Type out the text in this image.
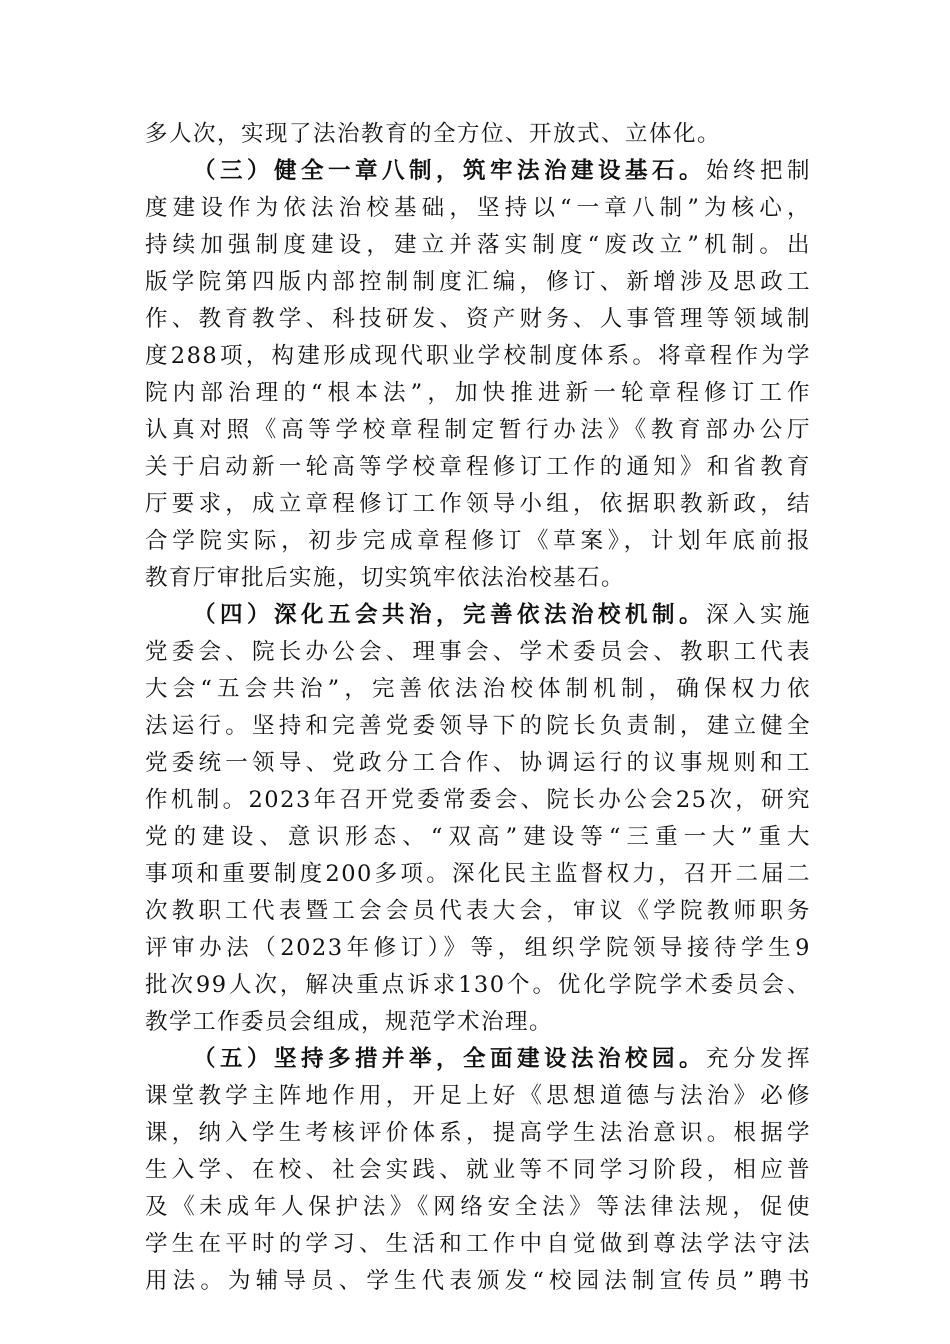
多人次，实现了法治教育的全方位、开放式、立体化。
（三）健全一章八制，筑牢法治建设基石。始终把制
度建设作为依法治校基础，坚持以“一章八制”为核心，
持续加强制度建设，建立并落实制度“废改立”机制。出
版学院第四版内部控制制度汇编，修订、新增涉及思政工
作、教育教学、科技研发、资产财务、人事管理等领域制
度288项，构建形成现代职业学校制度体系。将章程作为学
院内部治理的“根本法”，加快推进新一轮章程修订工作
认真对照《高等学校章程制定暂行办法》《教育部办公厅
关于启动新一轮高等学校章程修订工作的通知》和省教育
厅要求，成立章程修订工作领导小组，依据职教新政，结
合学院实际，初步完成章程修订《草案》，计划年底前报
教育厅审批后实施，切实筑牢依法治校基石。
（四）深化五会共治，完善依法治校机制。深入实施
党委会、院长办公会、理事会、学术委员会、教职工代表
大会“五会共治”，完善依法治校体制机制，确保权力依
法运行。坚持和完善党委领导下的院长负责制，建立健全
党委统一领导、党政分工合作、协调运行的议事规则和工
作机制。2023年召开党委常委会、院长办公会25次，研究
党的建设、意识形态、“双高”建设等“三重一大”重大
事项和重要制度200多项。深化民主监督权力，召开二届二
次教职工代表暨工会会员代表大会，审议《学院教师职务
评审办法（2023年修订）》等，组织学院领导接待学生9
批次99人次，解决重点诉求130个。优化学院学术委员会、
教学工作委员会组成，规范学术治理。
（五）坚持多措并举，全面建设法治校园。充分发挥
课堂教学主阵地作用，开足上好《思想道德与法治》必修
课，纳入学生考核评价体系，提高学生法治意识。根据学
生入学、在校、社会实践、就业等不同学习阶段，相应普
及《未成年人保护法》《网络安全法》等法律法规，促使
学生在平时的学习、生活和工作中自觉做到尊法学法守法
用法。为辅导员、学生代表颁发“校园法制宣传员”聘书
